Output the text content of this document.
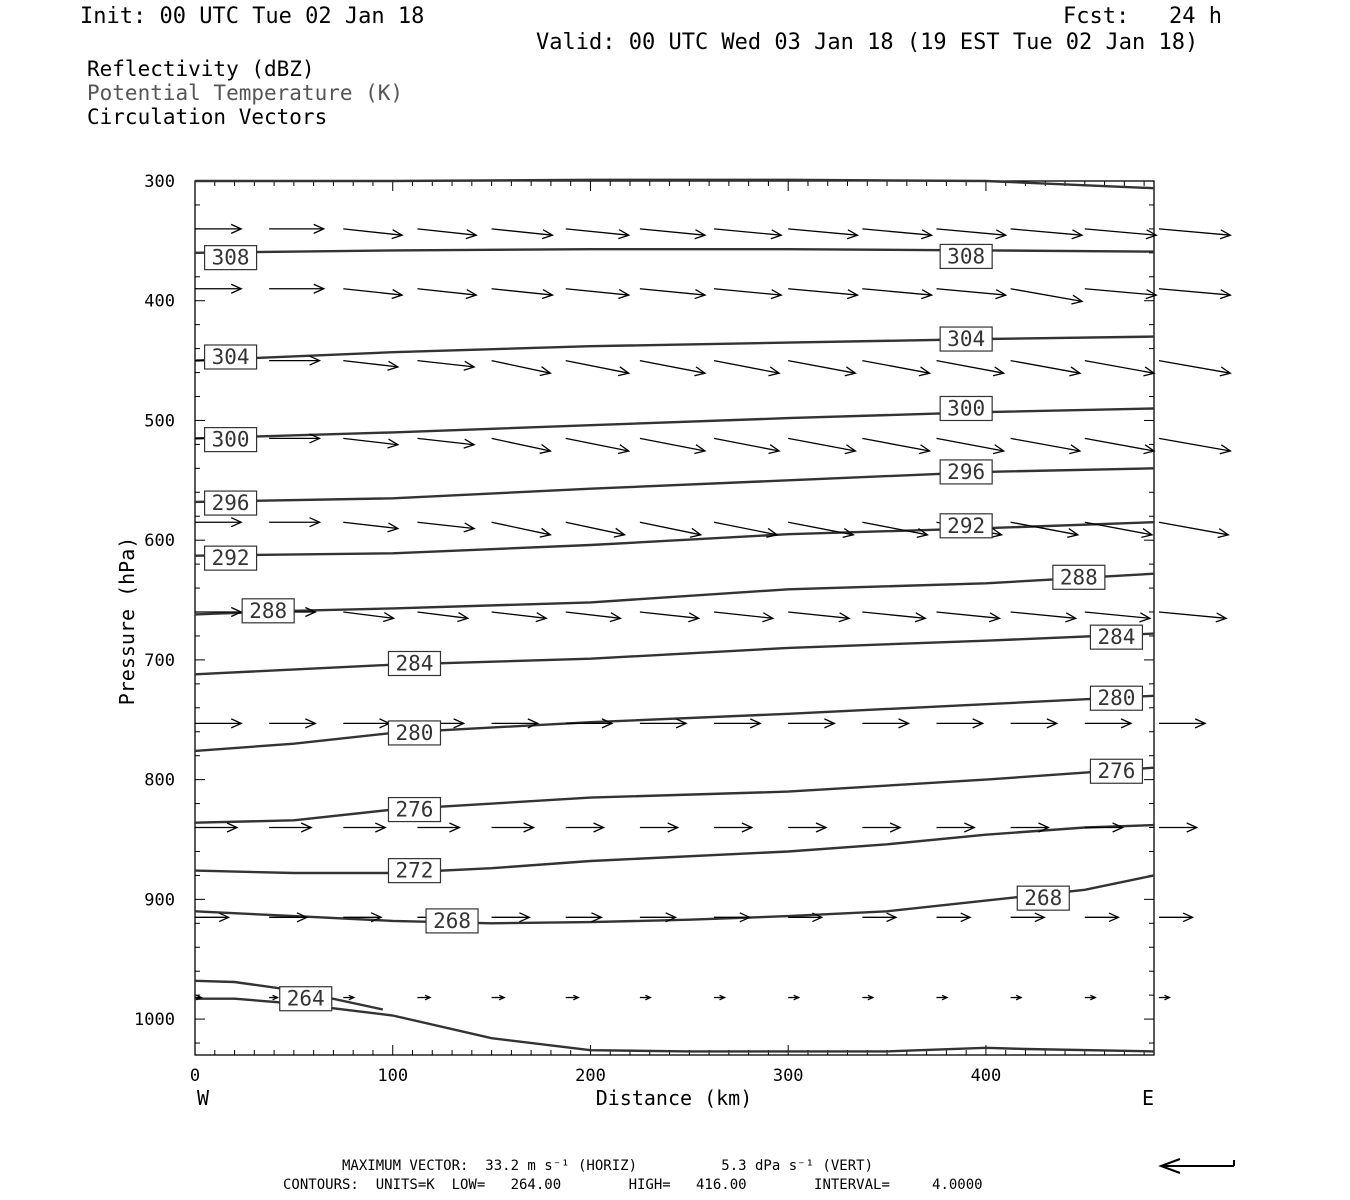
Init: 00 UTC Tue 02 Jan 18	Fcst:   24 h
Valid: 00 UTC Wed 03 Jan 18 (19 EST Tue 02 Jan 18)
Reflectivity (dBZ)
Potential Temperature (K)
Circulation Vectors
308	308
304
304
300
300
296
296
292
292
288
288
284
284
280
280
276
276
272
268
268
264
Distance (km)
Pressure (hPa)
W	E
0	100	200	300	400
300
400
500
600
700
800
900
1000
MAXIMUM VECTOR:  33.2 m s⁻¹ (HORIZ)          5.3 dPa s⁻¹ (VERT)
CONTOURS:  UNITS=K  LOW=   264.00        HIGH=   416.00        INTERVAL=     4.0000
